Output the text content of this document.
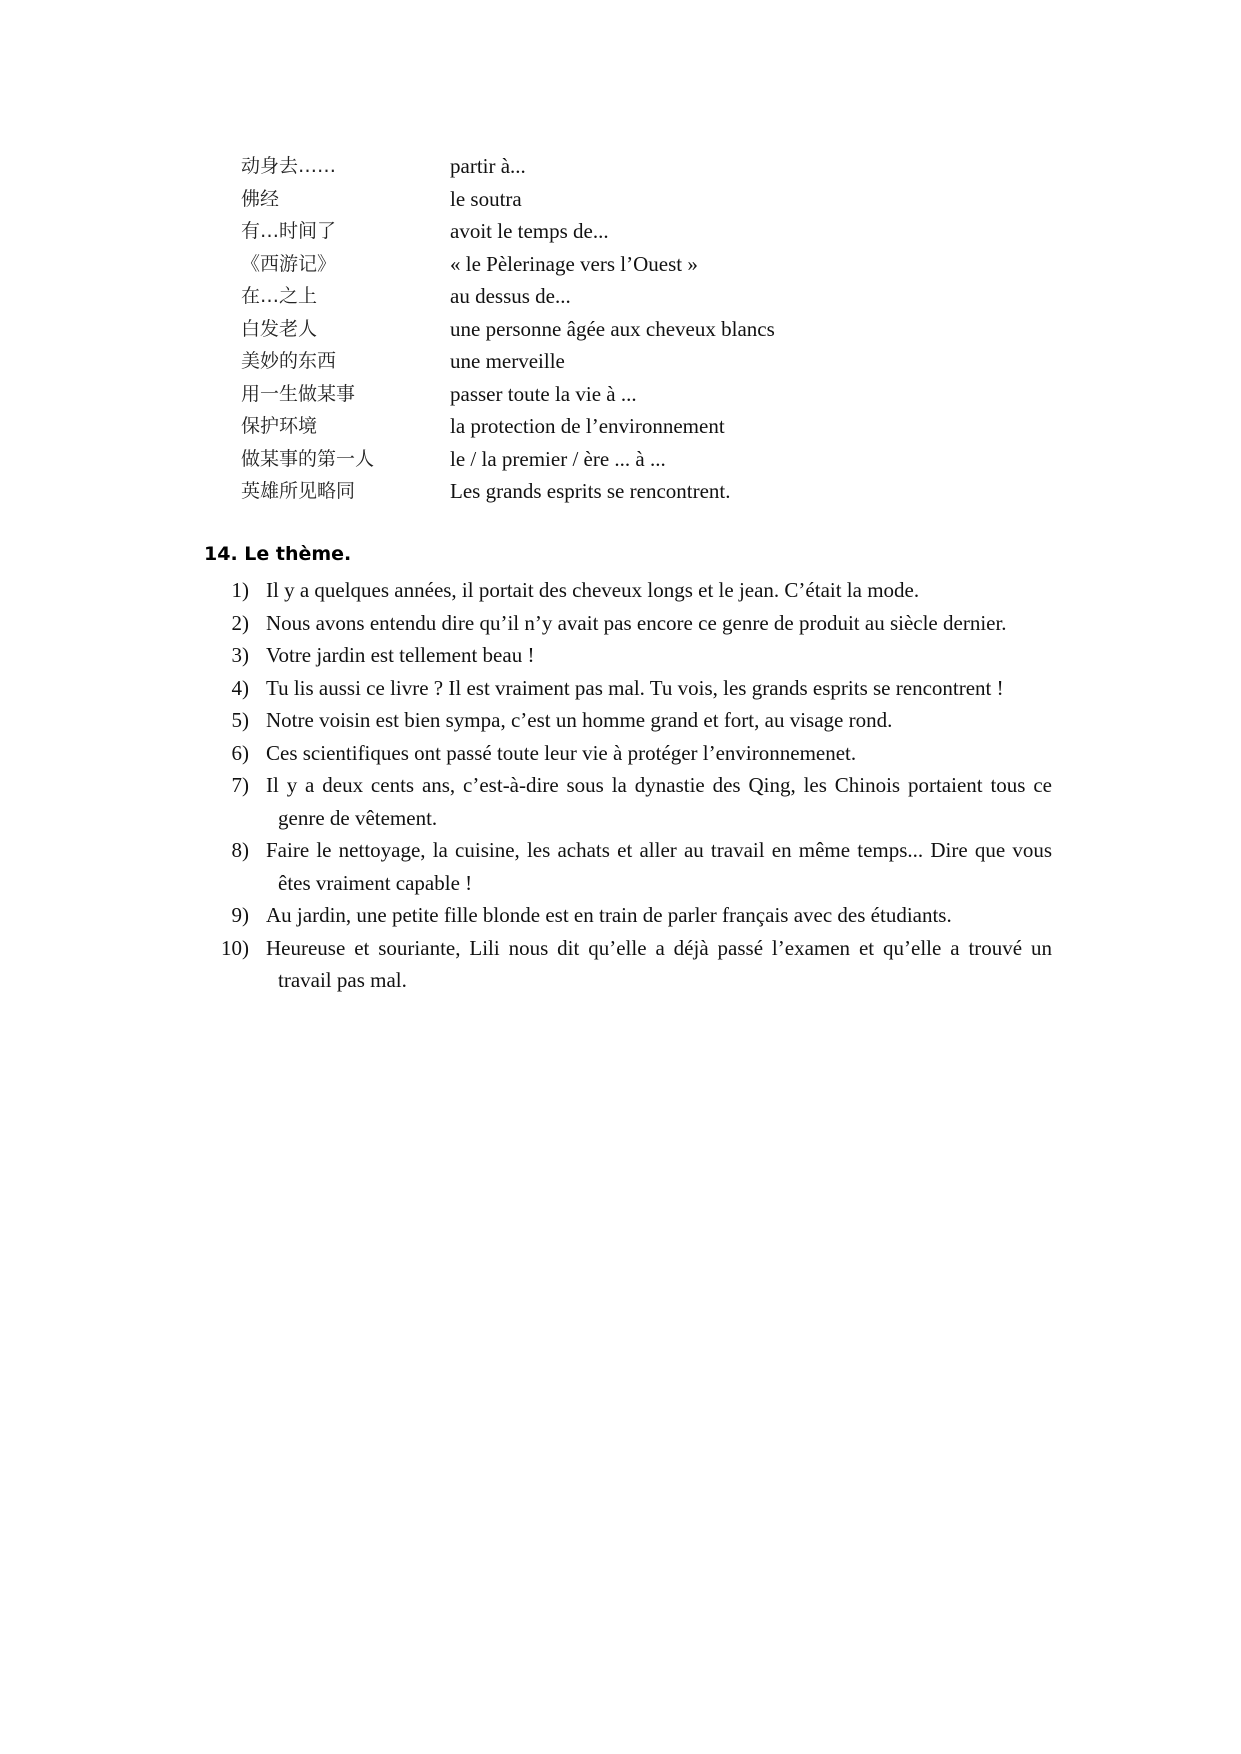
动身去……	partir à...
佛经	le soutra
有…时间了	avoit le temps de...
《西游记》	« le Pèlerinage vers l’Ouest »
在…之上	au dessus de...
白发老人	une personne âgée aux cheveux blancs
美妙的东西	une merveille
用一生做某事	passer toute la vie à ...
保护环境	la protection de l’environnement
做某事的第一人	le / la premier / ère ... à ...
英雄所见略同	Les grands esprits se rencontrent.
14. Le thème.
1) Il y a quelques années, il portait des cheveux longs et le jean. C’était la mode.
2) Nous avons entendu dire qu’il n’y avait pas encore ce genre de produit au siècle dernier.
3) Votre jardin est tellement beau !
4) Tu lis aussi ce livre ? Il est vraiment pas mal. Tu vois, les grands esprits se rencontrent !
5) Notre voisin est bien sympa, c’est un homme grand et fort, au visage rond.
6) Ces scientifiques ont passé toute leur vie à protéger l’environnemenet.
7) Il y a deux cents ans, c’est-à-dire sous la dynastie des Qing, les Chinois portaient tous ce genre de vêtement.
8) Faire le nettoyage, la cuisine, les achats et aller au travail en même temps... Dire que vous êtes vraiment capable !
9) Au jardin, une petite fille blonde est en train de parler français avec des étudiants.
10) Heureuse et souriante, Lili nous dit qu’elle a déjà passé l’examen et qu’elle a trouvé un travail pas mal.
